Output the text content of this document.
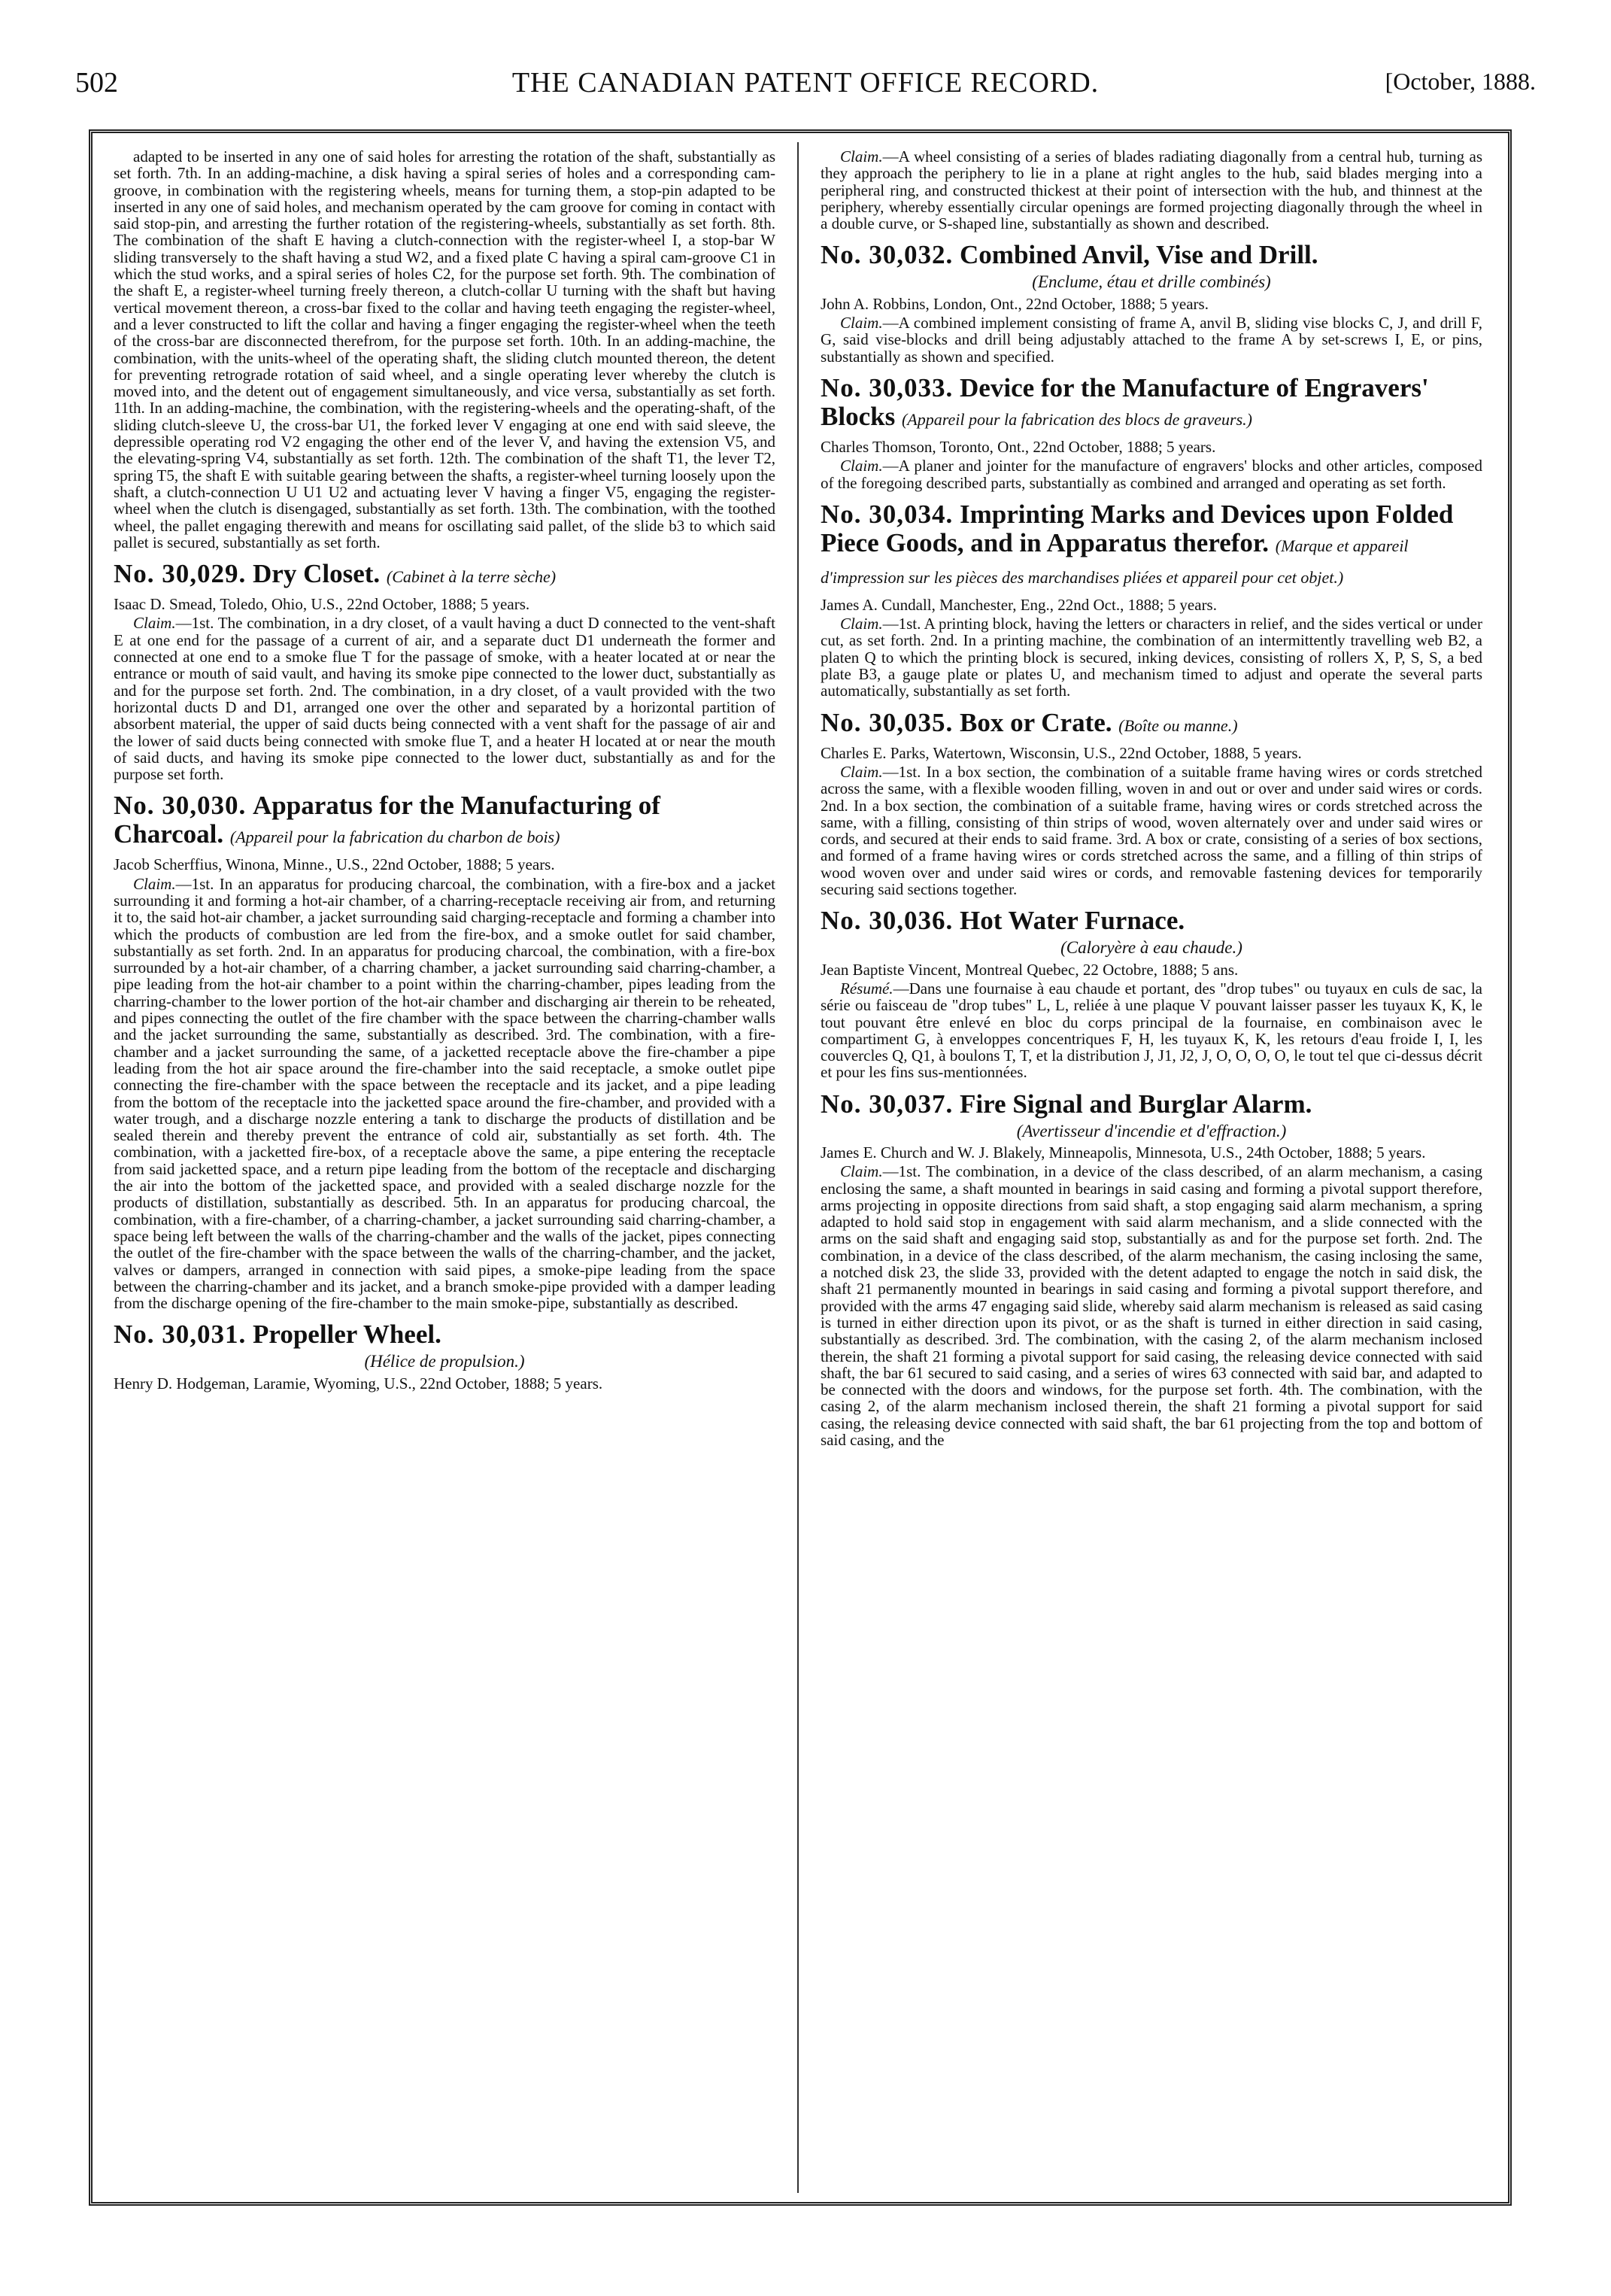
502	THE CANADIAN PATENT OFFICE RECORD.	[October, 1888.

adapted to be inserted in any one of said holes for arresting the rotation of the shaft, substantially as set forth. 7th. In an adding-machine, a disk having a spiral series of holes and a corresponding cam-groove, in combination with the registering wheels, means for turning them, a stop-pin adapted to be inserted in any one of said holes, and mechanism operated by the cam groove for coming in contact with said stop-pin, and arresting the further rotation of the registering-wheels, substantially as set forth. 8th. The combination of the shaft E having a clutch-connection with the register-wheel I, a stop-bar W sliding transversely to the shaft having a stud W2, and a fixed plate C having a spiral cam-groove C1 in which the stud works, and a spiral series of holes C2, for the purpose set forth. 9th. The combination of the shaft E, a register-wheel turning freely thereon, a clutch-collar U turning with the shaft but having vertical movement thereon, a cross-bar fixed to the collar and having teeth engaging the register-wheel, and a lever constructed to lift the collar and having a finger engaging the register-wheel when the teeth of the cross-bar are disconnected therefrom, for the purpose set forth. 10th. In an adding-machine, the combination, with the units-wheel of the operating shaft, the sliding clutch mounted thereon, the detent for preventing retrograde rotation of said wheel, and a single operating lever whereby the clutch is moved into, and the detent out of engagement simultaneously, and vice versa, substantially as set forth. 11th. In an adding-machine, the combination, with the registering-wheels and the operating-shaft, of the sliding clutch-sleeve U, the cross-bar U1, the forked lever V engaging at one end with said sleeve, the depressible operating rod V2 engaging the other end of the lever V, and having the extension V5, and the elevating-spring V4, substantially as set forth. 12th. The combination of the shaft T1, the lever T2, spring T5, the shaft E with suitable gearing between the shafts, a register-wheel turning loosely upon the shaft, a clutch-connection U U1 U2 and actuating lever V having a finger V5, engaging the register-wheel when the clutch is disengaged, substantially as set forth. 13th. The combination, with the toothed wheel, the pallet engaging therewith and means for oscillating said pallet, of the slide b3 to which said pallet is secured, substantially as set forth.

No. 30,029. Dry Closet. (Cabinet à la terre sèche)

Isaac D. Smead, Toledo, Ohio, U.S., 22nd October, 1888; 5 years.

Claim.—1st. The combination, in a dry closet, of a vault having a duct D connected to the vent-shaft E at one end for the passage of a current of air, and a separate duct D1 underneath the former and connected at one end to a smoke flue T for the passage of smoke, with a heater located at or near the entrance or mouth of said vault, and having its smoke pipe connected to the lower duct, substantially as and for the purpose set forth. 2nd. The combination, in a dry closet, of a vault provided with the two horizontal ducts D and D1, arranged one over the other and separated by a horizontal partition of absorbent material, the upper of said ducts being connected with a vent shaft for the passage of air and the lower of said ducts being connected with smoke flue T, and a heater H located at or near the mouth of said ducts, and having its smoke pipe connected to the lower duct, substantially as and for the purpose set forth.

No. 30,030. Apparatus for the Manufacturing of Charcoal. (Appareil pour la fabrication du charbon de bois)

Jacob Scherffius, Winona, Minne., U.S., 22nd October, 1888; 5 years.

Claim.—1st. In an apparatus for producing charcoal, the combination, with a fire-box and a jacket surrounding it and forming a hot-air chamber, of a charring-receptacle receiving air from, and returning it to, the said hot-air chamber, a jacket surrounding said charging-receptacle and forming a chamber into which the products of combustion are led from the fire-box, and a smoke outlet for said chamber, substantially as set forth. 2nd. In an apparatus for producing charcoal, the combination, with a fire-box surrounded by a hot-air chamber, of a charring chamber, a jacket surrounding said charring-chamber, a pipe leading from the hot-air chamber to a point within the charring-chamber, pipes leading from the charring-chamber to the lower portion of the hot-air chamber and discharging air therein to be reheated, and pipes connecting the outlet of the fire chamber with the space between the charring-chamber walls and the jacket surrounding the same, substantially as described. 3rd. The combination, with a fire-chamber and a jacket surrounding the same, of a jacketted receptacle above the fire-chamber a pipe leading from the hot air space around the fire-chamber into the said receptacle, a smoke outlet pipe connecting the fire-chamber with the space between the receptacle and its jacket, and a pipe leading from the bottom of the receptacle into the jacketted space around the fire-chamber, and provided with a water trough, and a discharge nozzle entering a tank to discharge the products of distillation and be sealed therein and thereby prevent the entrance of cold air, substantially as set forth. 4th. The combination, with a jacketted fire-box, of a receptacle above the same, a pipe entering the receptacle from said jacketted space, and a return pipe leading from the bottom of the receptacle and discharging the air into the bottom of the jacketted space, and provided with a sealed discharge nozzle for the products of distillation, substantially as described. 5th. In an apparatus for producing charcoal, the combination, with a fire-chamber, of a charring-chamber, a jacket surrounding said charring-chamber, a space being left between the walls of the charring-chamber and the walls of the jacket, pipes connecting the outlet of the fire-chamber with the space between the walls of the charring-chamber, and the jacket, valves or dampers, arranged in connection with said pipes, a smoke-pipe leading from the space between the charring-chamber and its jacket, and a branch smoke-pipe provided with a damper leading from the discharge opening of the fire-chamber to the main smoke-pipe, substantially as described.

No. 30,031. Propeller Wheel.

(Hélice de propulsion.)

Henry D. Hodgeman, Laramie, Wyoming, U.S., 22nd October, 1888; 5 years.

Claim.—A wheel consisting of a series of blades radiating diagonally from a central hub, turning as they approach the periphery to lie in a plane at right angles to the hub, said blades merging into a peripheral ring, and constructed thickest at their point of intersection with the hub, and thinnest at the periphery, whereby essentially circular openings are formed projecting diagonally through the wheel in a double curve, or S-shaped line, substantially as shown and described.

No. 30,032. Combined Anvil, Vise and Drill.

(Enclume, étau et drille combinés)

John A. Robbins, London, Ont., 22nd October, 1888; 5 years.

Claim.—A combined implement consisting of frame A, anvil B, sliding vise blocks C, J, and drill F, G, said vise-blocks and drill being adjustably attached to the frame A by set-screws I, E, or pins, substantially as shown and specified.

No. 30,033. Device for the Manufacture of Engravers' Blocks (Appareil pour la fabrication des blocs de graveurs.)

Charles Thomson, Toronto, Ont., 22nd October, 1888; 5 years.

Claim.—A planer and jointer for the manufacture of engravers' blocks and other articles, composed of the foregoing described parts, substantially as combined and arranged and operating as set forth.

No. 30,034. Imprinting Marks and Devices upon Folded Piece Goods, and in Apparatus therefor. (Marque et appareil d'impression sur les pièces des marchandises pliées et appareil pour cet objet.)

James A. Cundall, Manchester, Eng., 22nd Oct., 1888; 5 years.

Claim.—1st. A printing block, having the letters or characters in relief, and the sides vertical or under cut, as set forth. 2nd. In a printing machine, the combination of an intermittently travelling web B2, a platen Q to which the printing block is secured, inking devices, consisting of rollers X, P, S, S, a bed plate B3, a gauge plate or plates U, and mechanism timed to adjust and operate the several parts automatically, substantially as set forth.

No. 30,035. Box or Crate. (Boîte ou manne.)

Charles E. Parks, Watertown, Wisconsin, U.S., 22nd October, 1888, 5 years.

Claim.—1st. In a box section, the combination of a suitable frame having wires or cords stretched across the same, with a flexible wooden filling, woven in and out or over and under said wires or cords. 2nd. In a box section, the combination of a suitable frame, having wires or cords stretched across the same, with a filling, consisting of thin strips of wood, woven alternately over and under said wires or cords, and secured at their ends to said frame. 3rd. A box or crate, consisting of a series of box sections, and formed of a frame having wires or cords stretched across the same, and a filling of thin strips of wood woven over and under said wires or cords, and removable fastening devices for temporarily securing said sections together.

No. 30,036. Hot Water Furnace.

(Caloryère à eau chaude.)

Jean Baptiste Vincent, Montreal Quebec, 22 Octobre, 1888; 5 ans.

Résumé.—Dans une fournaise à eau chaude et portant, des "drop tubes" ou tuyaux en culs de sac, la série ou faisceau de "drop tubes" L, L, reliée à une plaque V pouvant laisser passer les tuyaux K, K, le tout pouvant être enlevé en bloc du corps principal de la fournaise, en combinaison avec le compartiment G, à enveloppes concentriques F, H, les tuyaux K, K, les retours d'eau froide I, I, les couvercles Q, Q1, à boulons T, T, et la distribution J, J1, J2, J, O, O, O, O, le tout tel que ci-dessus décrit et pour les fins sus-mentionnées.

No. 30,037. Fire Signal and Burglar Alarm.

(Avertisseur d'incendie et d'effraction.)

James E. Church and W. J. Blakely, Minneapolis, Minnesota, U.S., 24th October, 1888; 5 years.

Claim.—1st. The combination, in a device of the class described, of an alarm mechanism, a casing enclosing the same, a shaft mounted in bearings in said casing and forming a pivotal support therefore, arms projecting in opposite directions from said shaft, a stop engaging said alarm mechanism, a spring adapted to hold said stop in engagement with said alarm mechanism, and a slide connected with the arms on the said shaft and engaging said stop, substantially as and for the purpose set forth. 2nd. The combination, in a device of the class described, of the alarm mechanism, the casing inclosing the same, a notched disk 23, the slide 33, provided with the detent adapted to engage the notch in said disk, the shaft 21 permanently mounted in bearings in said casing and forming a pivotal support therefore, and provided with the arms 47 engaging said slide, whereby said alarm mechanism is released as said casing is turned in either direction upon its pivot, or as the shaft is turned in either direction in said casing, substantially as described. 3rd. The combination, with the casing 2, of the alarm mechanism inclosed therein, the shaft 21 forming a pivotal support for said casing, the releasing device connected with said shaft, the bar 61 secured to said casing, and a series of wires 63 connected with said bar, and adapted to be connected with the doors and windows, for the purpose set forth. 4th. The combination, with the casing 2, of the alarm mechanism inclosed therein, the shaft 21 forming a pivotal support for said casing, the releasing device connected with said shaft, the bar 61 projecting from the top and bottom of said casing, and the
